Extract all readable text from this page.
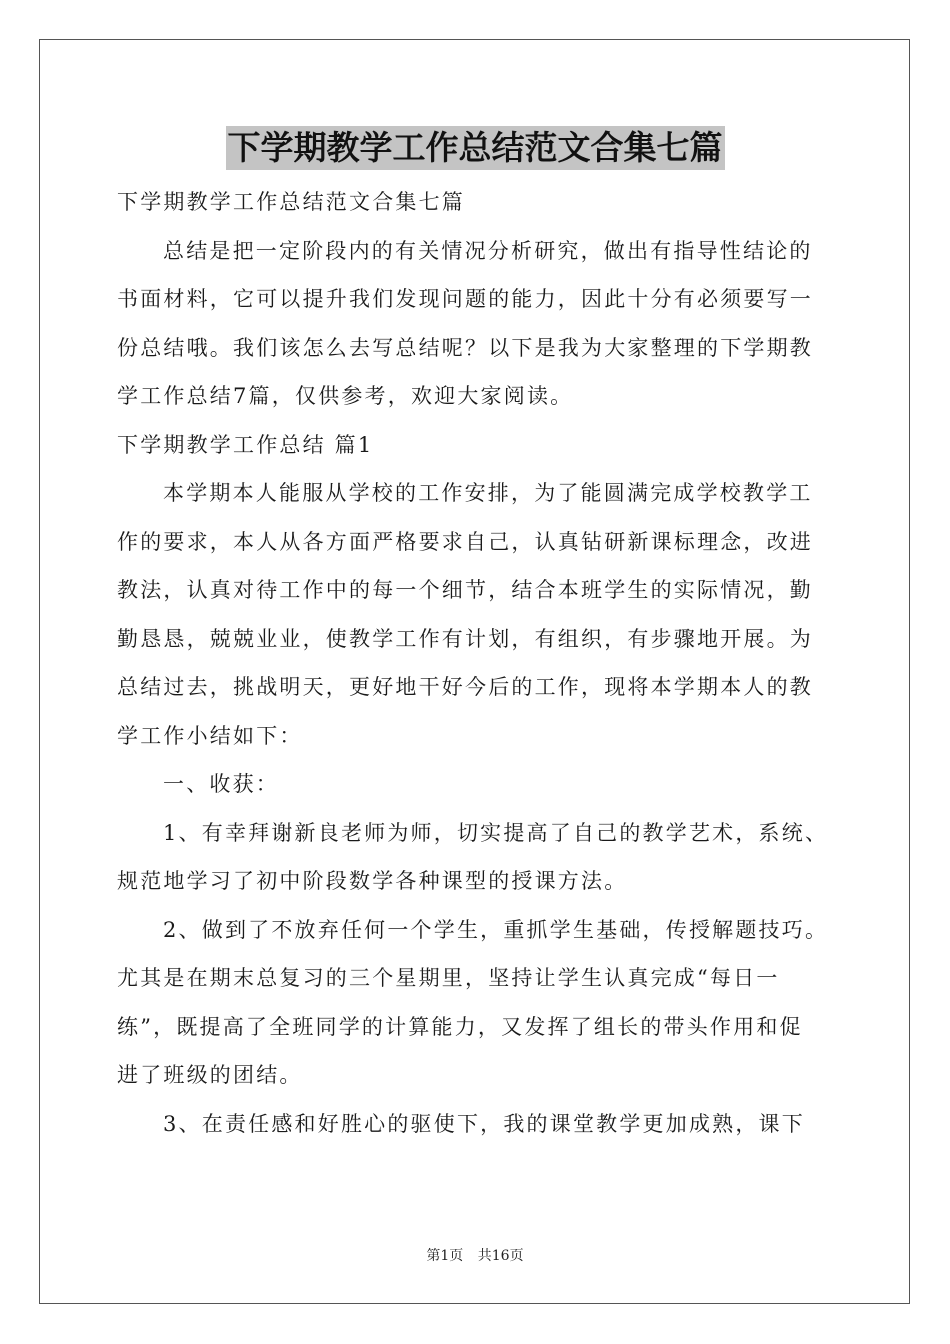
下学期教学工作总结范文合集七篇
下学期教学工作总结范文合集七篇
总结是把一定阶段内的有关情况分析研究，做出有指导性结论的
书面材料，它可以提升我们发现问题的能力，因此十分有必须要写一
份总结哦。我们该怎么去写总结呢？以下是我为大家整理的下学期教
学工作总结7篇，仅供参考，欢迎大家阅读。
下学期教学工作总结 篇1
本学期本人能服从学校的工作安排，为了能圆满完成学校教学工
作的要求，本人从各方面严格要求自己，认真钻研新课标理念，改进
教法，认真对待工作中的每一个细节，结合本班学生的实际情况，勤
勤恳恳，兢兢业业，使教学工作有计划，有组织，有步骤地开展。为
总结过去，挑战明天，更好地干好今后的工作，现将本学期本人的教
学工作小结如下：
一、收获：
1、有幸拜谢新良老师为师，切实提高了自己的教学艺术，系统、
规范地学习了初中阶段数学各种课型的授课方法。
2、做到了不放弃任何一个学生，重抓学生基础，传授解题技巧。
尤其是在期末总复习的三个星期里，坚持让学生认真完成“每日一
练”，既提高了全班同学的计算能力，又发挥了组长的带头作用和促
进了班级的团结。
3、在责任感和好胜心的驱使下，我的课堂教学更加成熟，课下
第1页 共16页
